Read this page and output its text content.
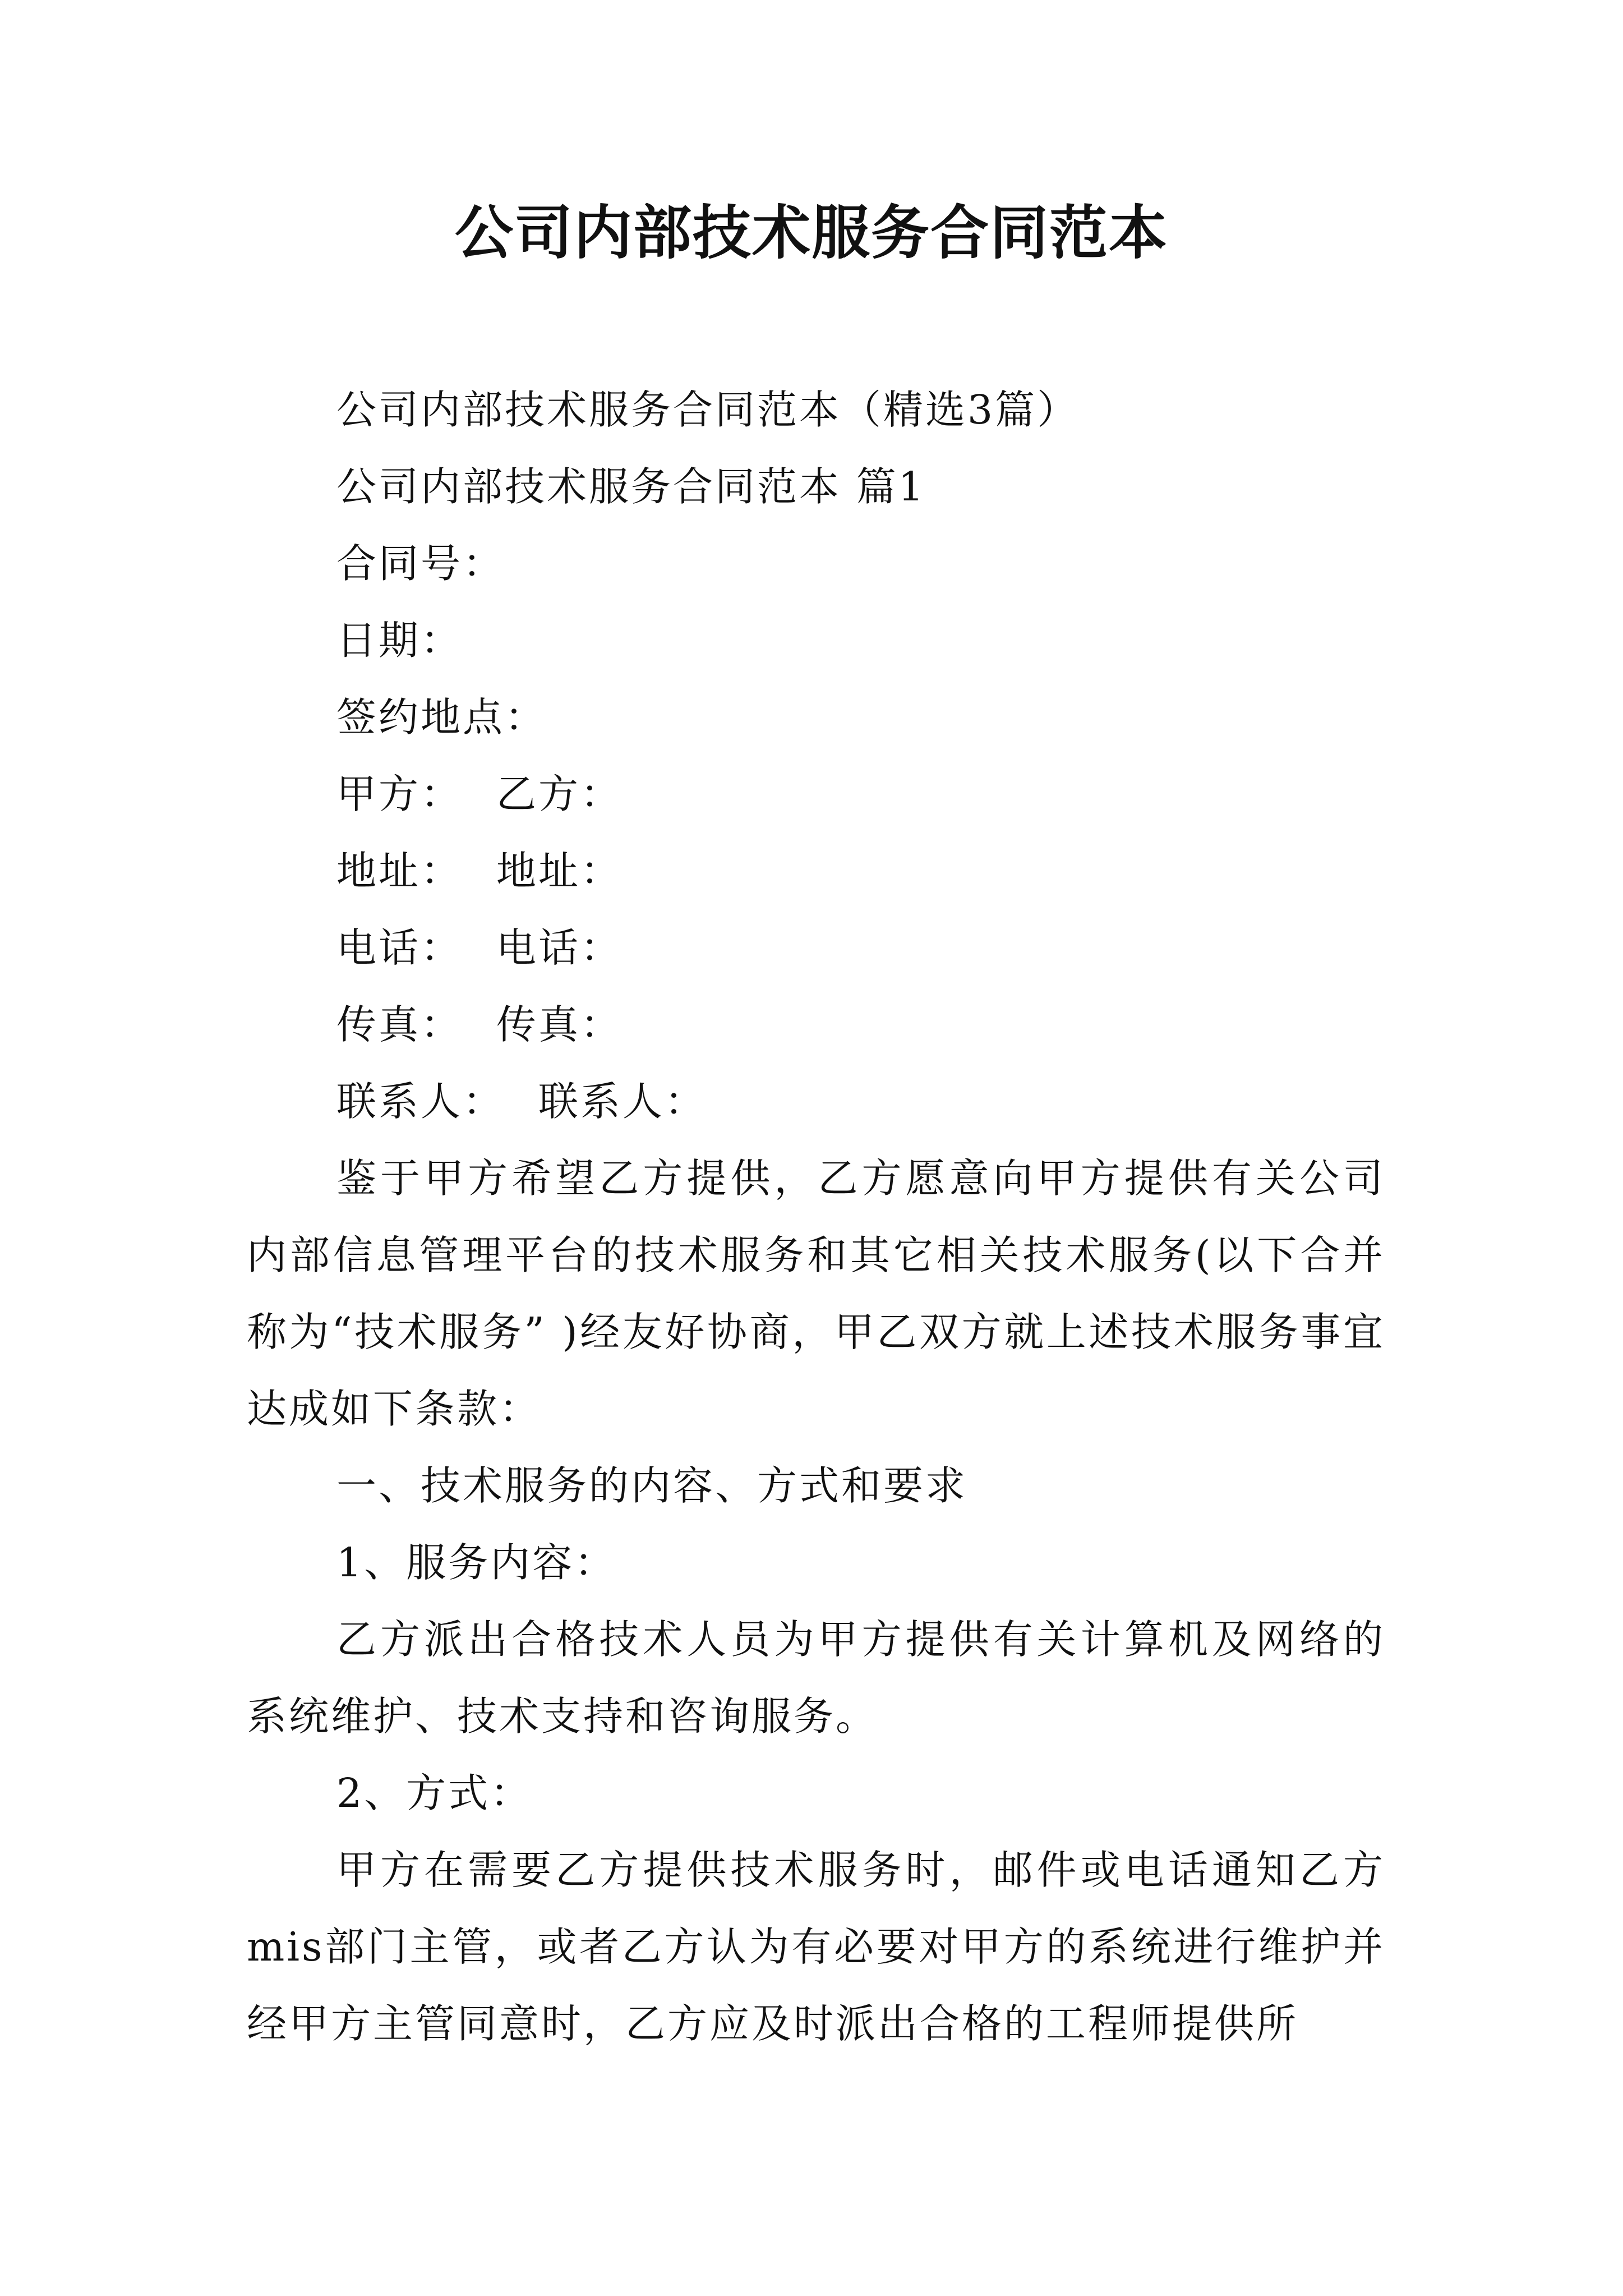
公司内部技术服务合同范本

公司内部技术服务合同范本（精选3篇）

公司内部技术服务合同范本 篇1

合同号：

日期：

签约地点：

甲方： 乙方：

地址： 地址：

电话： 电话：

传真： 传真：

联系人： 联系人：

鉴于甲方希望乙方提供，乙方愿意向甲方提供有关公司内部信息管理平台的技术服务和其它相关技术服务(以下合并称为“技术服务” )经友好协商，甲乙双方就上述技术服务事宜达成如下条款：

一、技术服务的内容、方式和要求

1、服务内容：

乙方派出合格技术人员为甲方提供有关计算机及网络的系统维护、技术支持和咨询服务。

2、方式：

甲方在需要乙方提供技术服务时，邮件或电话通知乙方mis部门主管，或者乙方认为有必要对甲方的系统进行维护并经甲方主管同意时，乙方应及时派出合格的工程师提供所
